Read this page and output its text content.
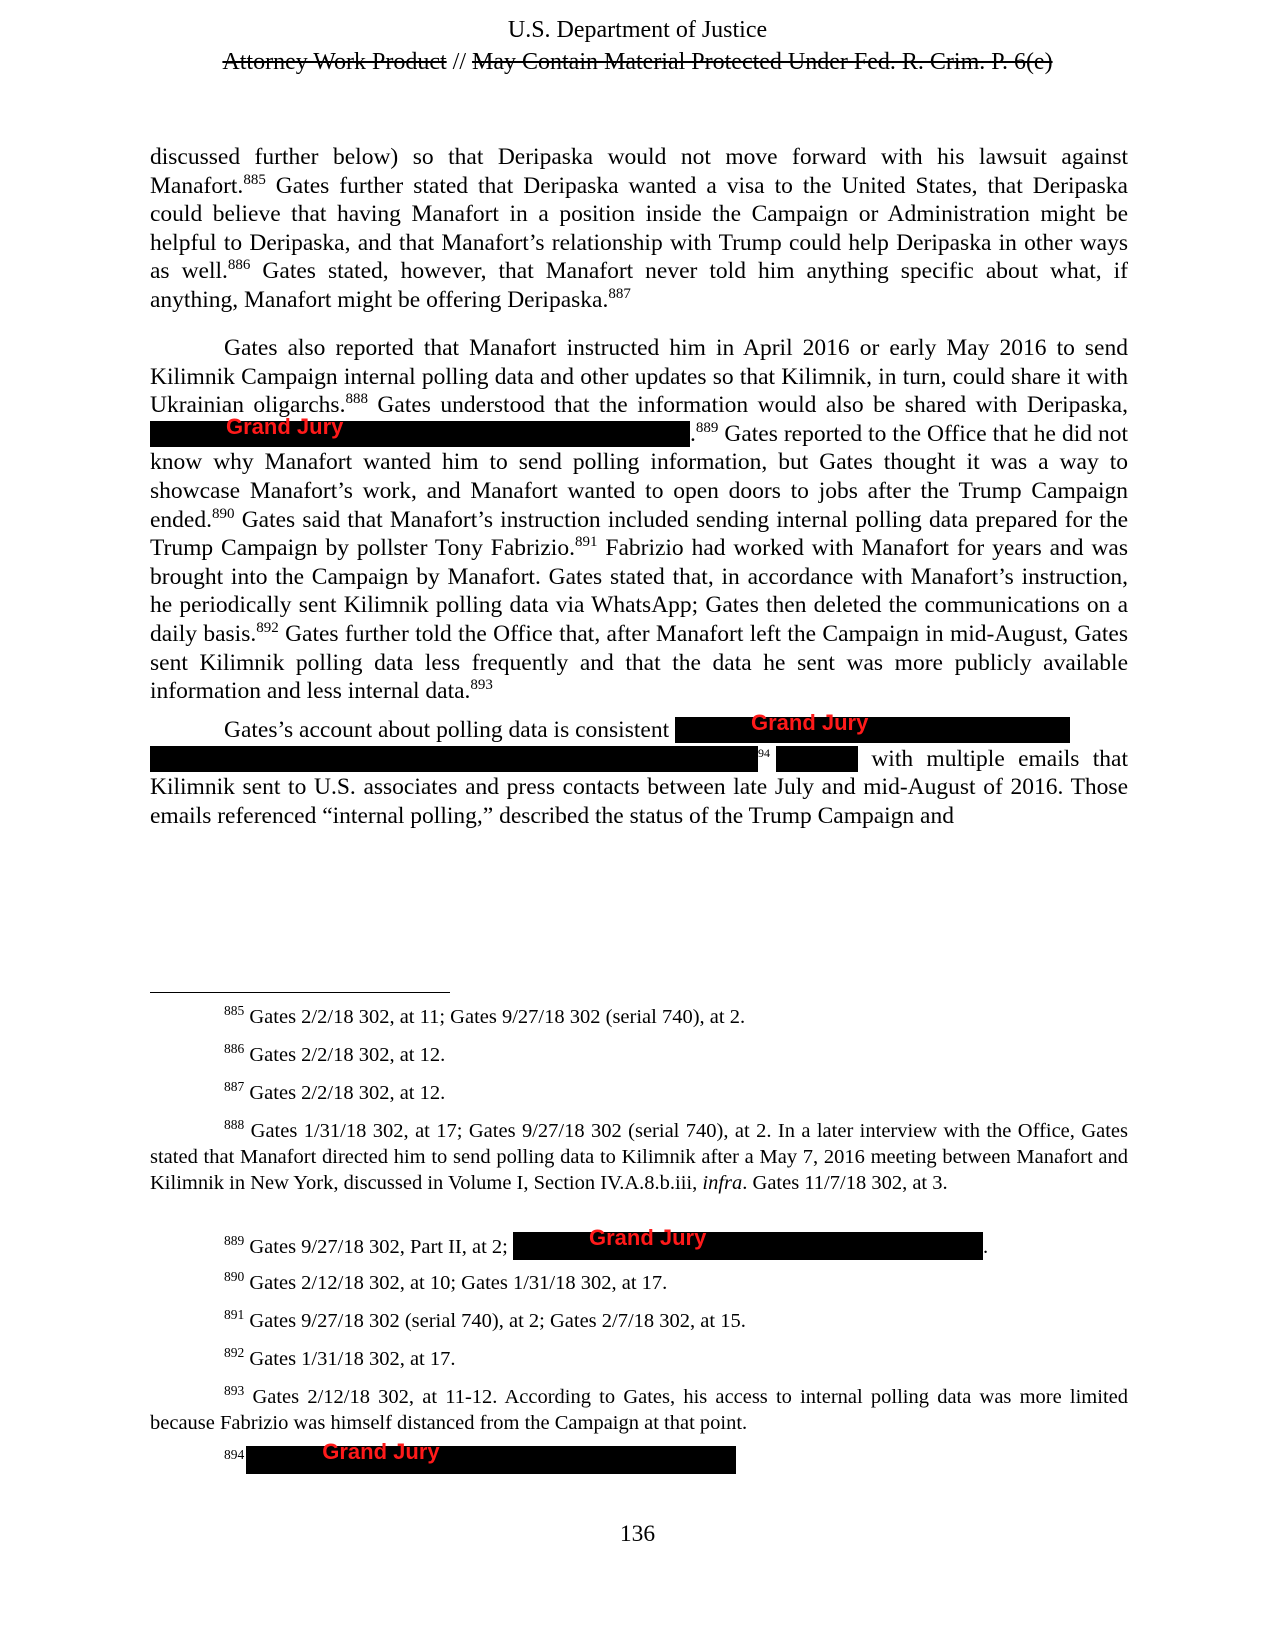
U.S. Department of Justice
Attorney Work Product // May Contain Material Protected Under Fed. R. Crim. P. 6(e)

discussed further below) so that Deripaska would not move forward with his lawsuit against Manafort.$^{885}$ Gates further stated that Deripaska wanted a visa to the United States, that Deripaska could believe that having Manafort in a position inside the Campaign or Administration might be helpful to Deripaska, and that Manafort’s relationship with Trump could help Deripaska in other ways as well.$^{886}$ Gates stated, however, that Manafort never told him anything specific about what, if anything, Manafort might be offering Deripaska.$^{887}$

Gates also reported that Manafort instructed him in April 2016 or early May 2016 to send Kilimnik Campaign internal polling data and other updates so that Kilimnik, in turn, could share it with Ukrainian oligarchs.$^{888}$ Gates understood that the information would also be shared with Deripaska,
Grand Jury	.$^{889}$ Gates reported to the Office that he did not know why Manafort wanted him to send polling information, but Gates thought it was a way to showcase Manafort’s work, and Manafort wanted to open doors to jobs after the Trump Campaign ended.$^{890}$ Gates said that Manafort’s instruction included sending internal polling data prepared for the Trump Campaign by pollster Tony Fabrizio.$^{891}$ Fabrizio had worked with Manafort for years and was brought into the Campaign by Manafort. Gates stated that, in accordance with Manafort’s instruction, he periodically sent Kilimnik polling data via WhatsApp; Gates then deleted the communications on a daily basis.$^{892}$ Gates further told the Office that, after Manafort left the Campaign in mid-August, Gates sent Kilimnik polling data less frequently and that the data he sent was more publicly available information and less internal data.$^{893}$

Gates’s account about polling data is consistent	Grand Jury

$^{94}$	with multiple emails that Kilimnik sent to U.S. associates and press contacts between late July and mid-August of 2016. Those emails referenced “internal polling,” described the status of the Trump Campaign and

$^{885}$ Gates 2/2/18 302, at 11; Gates 9/27/18 302 (serial 740), at 2.

$^{886}$ Gates 2/2/18 302, at 12.

$^{887}$ Gates 2/2/18 302, at 12.

$^{888}$ Gates 1/31/18 302, at 17; Gates 9/27/18 302 (serial 740), at 2. In a later interview with the Office, Gates stated that Manafort directed him to send polling data to Kilimnik after a May 7, 2016 meeting between Manafort and Kilimnik in New York, discussed in Volume I, Section IV.A.8.b.iii, infra. Gates 11/7/18 302, at 3.

$^{889}$ Gates 9/27/18 302, Part II, at 2;	Grand Jury	.

$^{890}$ Gates 2/12/18 302, at 10; Gates 1/31/18 302, at 17.

$^{891}$ Gates 9/27/18 302 (serial 740), at 2; Gates 2/7/18 302, at 15.

$^{892}$ Gates 1/31/18 302, at 17.

$^{893}$ Gates 2/12/18 302, at 11-12. According to Gates, his access to internal polling data was more limited because Fabrizio was himself distanced from the Campaign at that point.

$^{894}$	Grand Jury

136
